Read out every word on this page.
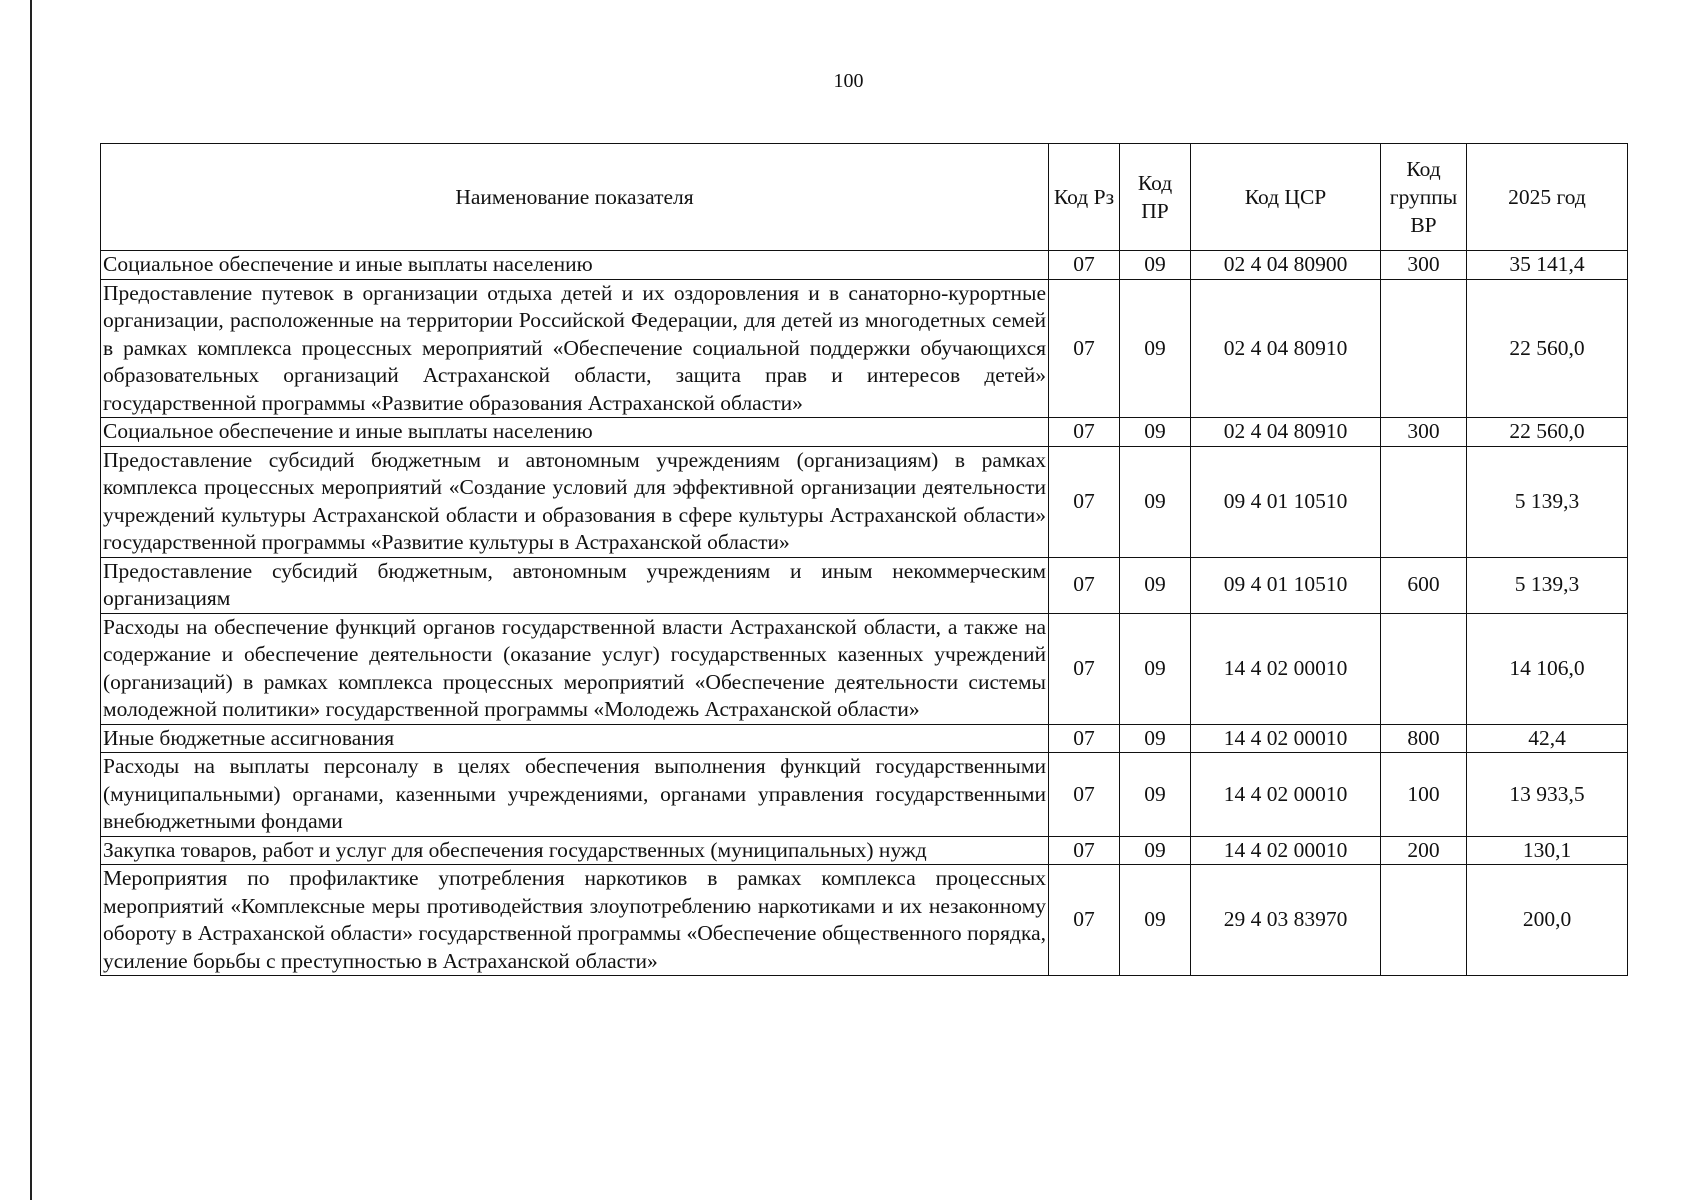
100
Наименование показателя	Код Рз	Код ПР	Код ЦСР	Код группы ВР	2025 год
Социальное обеспечение и иные выплаты населению	07	09	02 4 04 80900	300	35 141,4
Предоставление путевок в организации отдыха детей и их оздоровления и в санаторно-курортные организации, расположенные на территории Российской Федерации, для детей из многодетных семей в рамках комплекса процессных мероприятий «Обеспечение социальной поддержки обучающихся образовательных организаций Астраханской области, защита прав и интересов детей» государственной программы «Развитие образования Астраханской области»	07	09	02 4 04 80910		22 560,0
Социальное обеспечение и иные выплаты населению	07	09	02 4 04 80910	300	22 560,0
Предоставление субсидий бюджетным и автономным учреждениям (организациям) в рамках комплекса процессных мероприятий «Создание условий для эффективной организации деятельности учреждений культуры Астраханской области и образования в сфере культуры Астраханской области» государственной программы «Развитие культуры в Астраханской области»	07	09	09 4 01 10510		5 139,3
Предоставление субсидий бюджетным, автономным учреждениям и иным некоммерческим организациям	07	09	09 4 01 10510	600	5 139,3
Расходы на обеспечение функций органов государственной власти Астраханской области, а также на содержание и обеспечение деятельности (оказание услуг) государственных казенных учреждений (организаций) в рамках комплекса процессных мероприятий «Обеспечение деятельности системы молодежной политики» государственной программы «Молодежь Астраханской области»	07	09	14 4 02 00010		14 106,0
Иные бюджетные ассигнования	07	09	14 4 02 00010	800	42,4
Расходы на выплаты персоналу в целях обеспечения выполнения функций государственными (муниципальными) органами, казенными учреждениями, органами управления государственными внебюджетными фондами	07	09	14 4 02 00010	100	13 933,5
Закупка товаров, работ и услуг для обеспечения государственных (муниципальных) нужд	07	09	14 4 02 00010	200	130,1
Мероприятия по профилактике употребления наркотиков в рамках комплекса процессных мероприятий «Комплексные меры противодействия злоупотреблению наркотиками и их незаконному обороту в Астраханской области» государственной программы «Обеспечение общественного порядка, усиление борьбы с преступностью в Астраханской области»	07	09	29 4 03 83970		200,0
